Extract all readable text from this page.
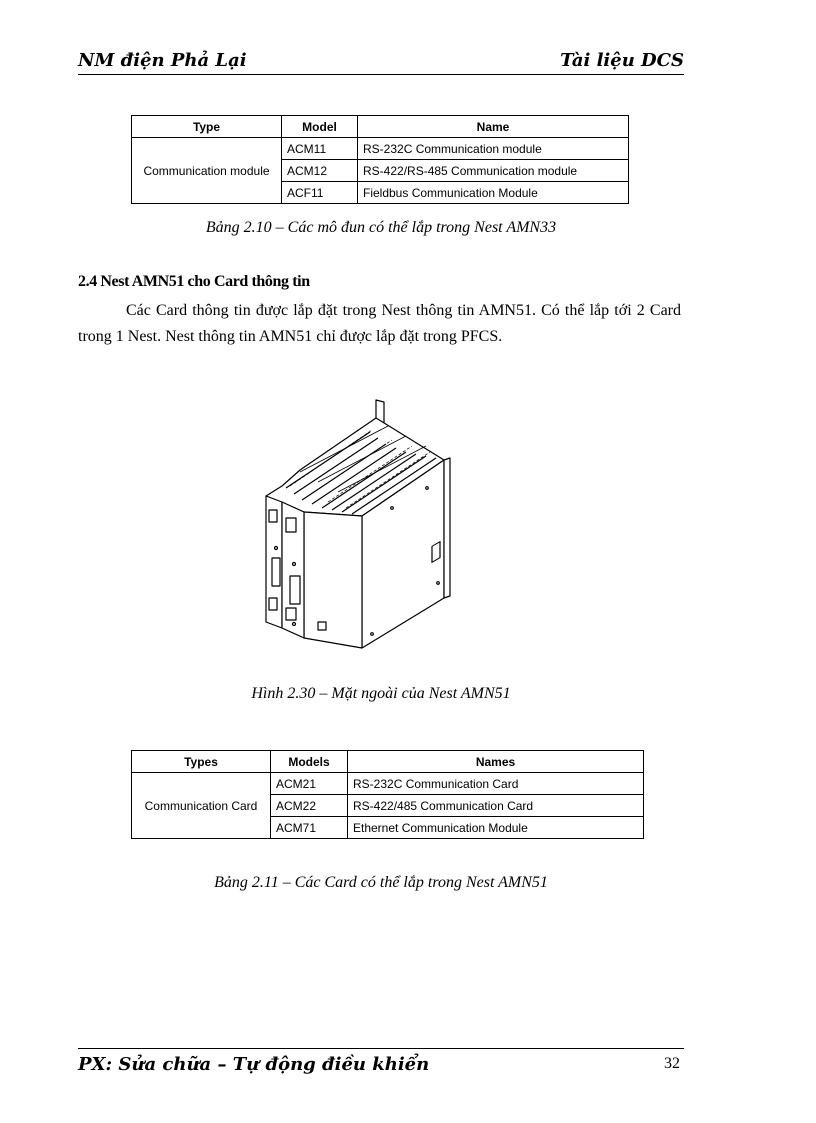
NM điện Phả Lại	Tài liệu DCS
Type	Model	Name
Communication module	ACM11	RS-232C Communication module
	ACM12	RS-422/RS-485 Communication module
	ACF11	Fieldbus Communication Module
Bảng 2.10 – Các mô đun có thể lắp trong Nest AMN33
2.4 Nest AMN51 cho Card thông tin
Các Card thông tin được lắp đặt trong Nest thông tin AMN51. Có thể lắp tới 2 Card trong 1 Nest. Nest thông tin AMN51 chỉ được lắp đặt trong PFCS.
Hình 2.30 – Mặt ngoài của Nest AMN51
Types	Models	Names
Communication Card	ACM21	RS-232C Communication Card
	ACM22	RS-422/485 Communication Card
	ACM71	Ethernet Communication Module
Bảng 2.11 – Các Card có thể lắp trong Nest AMN51
PX: Sửa chữa – Tự động điều khiển	32
